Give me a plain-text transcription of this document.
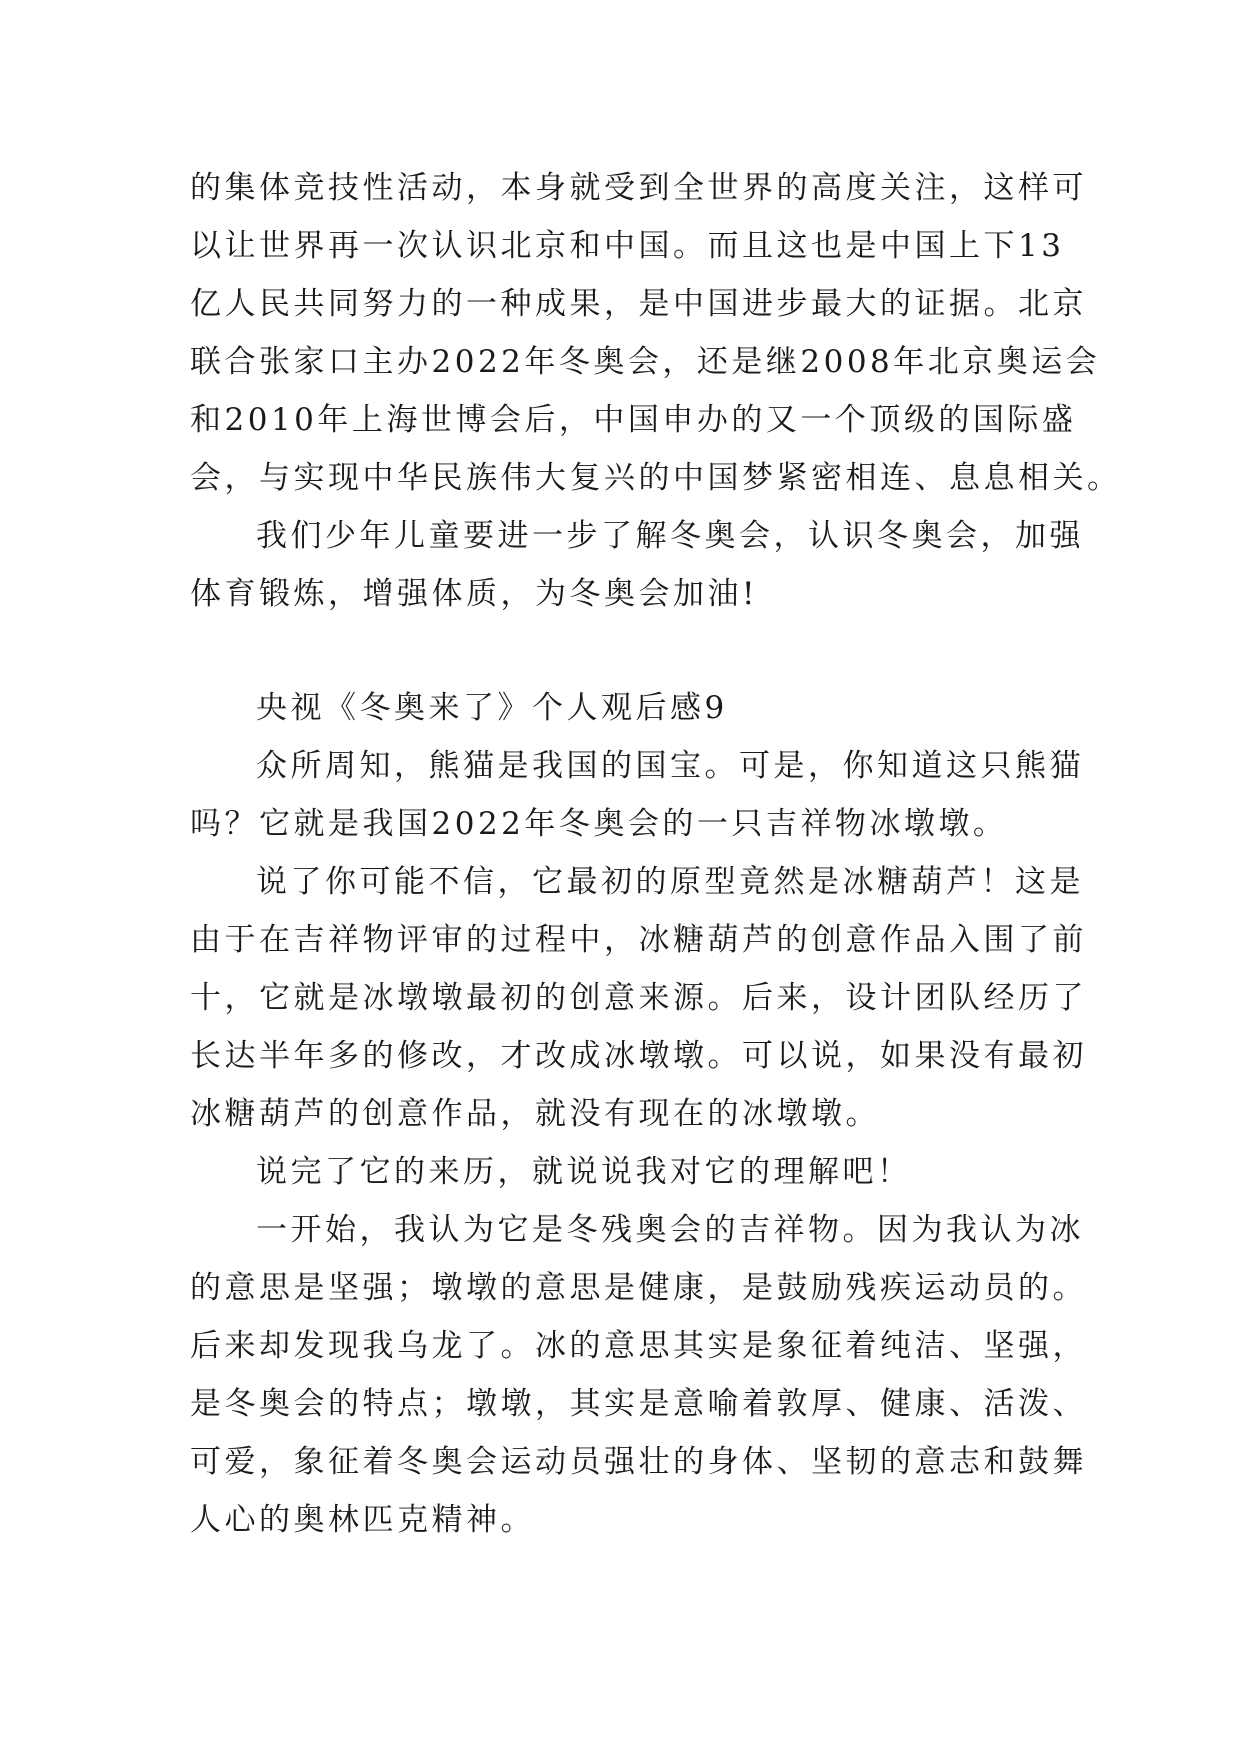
的集体竞技性活动，本身就受到全世界的高度关注，这样可
以让世界再一次认识北京和中国。而且这也是中国上下13
亿人民共同努力的一种成果，是中国进步最大的证据。北京
联合张家口主办2022年冬奥会，还是继2008年北京奥运会
和2010年上海世博会后，中国申办的又一个顶级的国际盛
会，与实现中华民族伟大复兴的中国梦紧密相连、息息相关。
我们少年儿童要进一步了解冬奥会，认识冬奥会，加强
体育锻炼，增强体质，为冬奥会加油!
央视《冬奥来了》个人观后感9
众所周知，熊猫是我国的国宝。可是，你知道这只熊猫
吗？它就是我国2022年冬奥会的一只吉祥物冰墩墩。
说了你可能不信，它最初的原型竟然是冰糖葫芦！这是
由于在吉祥物评审的过程中，冰糖葫芦的创意作品入围了前
十，它就是冰墩墩最初的创意来源。后来，设计团队经历了
长达半年多的修改，才改成冰墩墩。可以说，如果没有最初
冰糖葫芦的创意作品，就没有现在的冰墩墩。
说完了它的来历，就说说我对它的理解吧！
一开始，我认为它是冬残奥会的吉祥物。因为我认为冰
的意思是坚强；墩墩的意思是健康，是鼓励残疾运动员的。
后来却发现我乌龙了。冰的意思其实是象征着纯洁、坚强，
是冬奥会的特点；墩墩，其实是意喻着敦厚、健康、活泼、
可爱，象征着冬奥会运动员强壮的身体、坚韧的意志和鼓舞
人心的奥林匹克精神。
